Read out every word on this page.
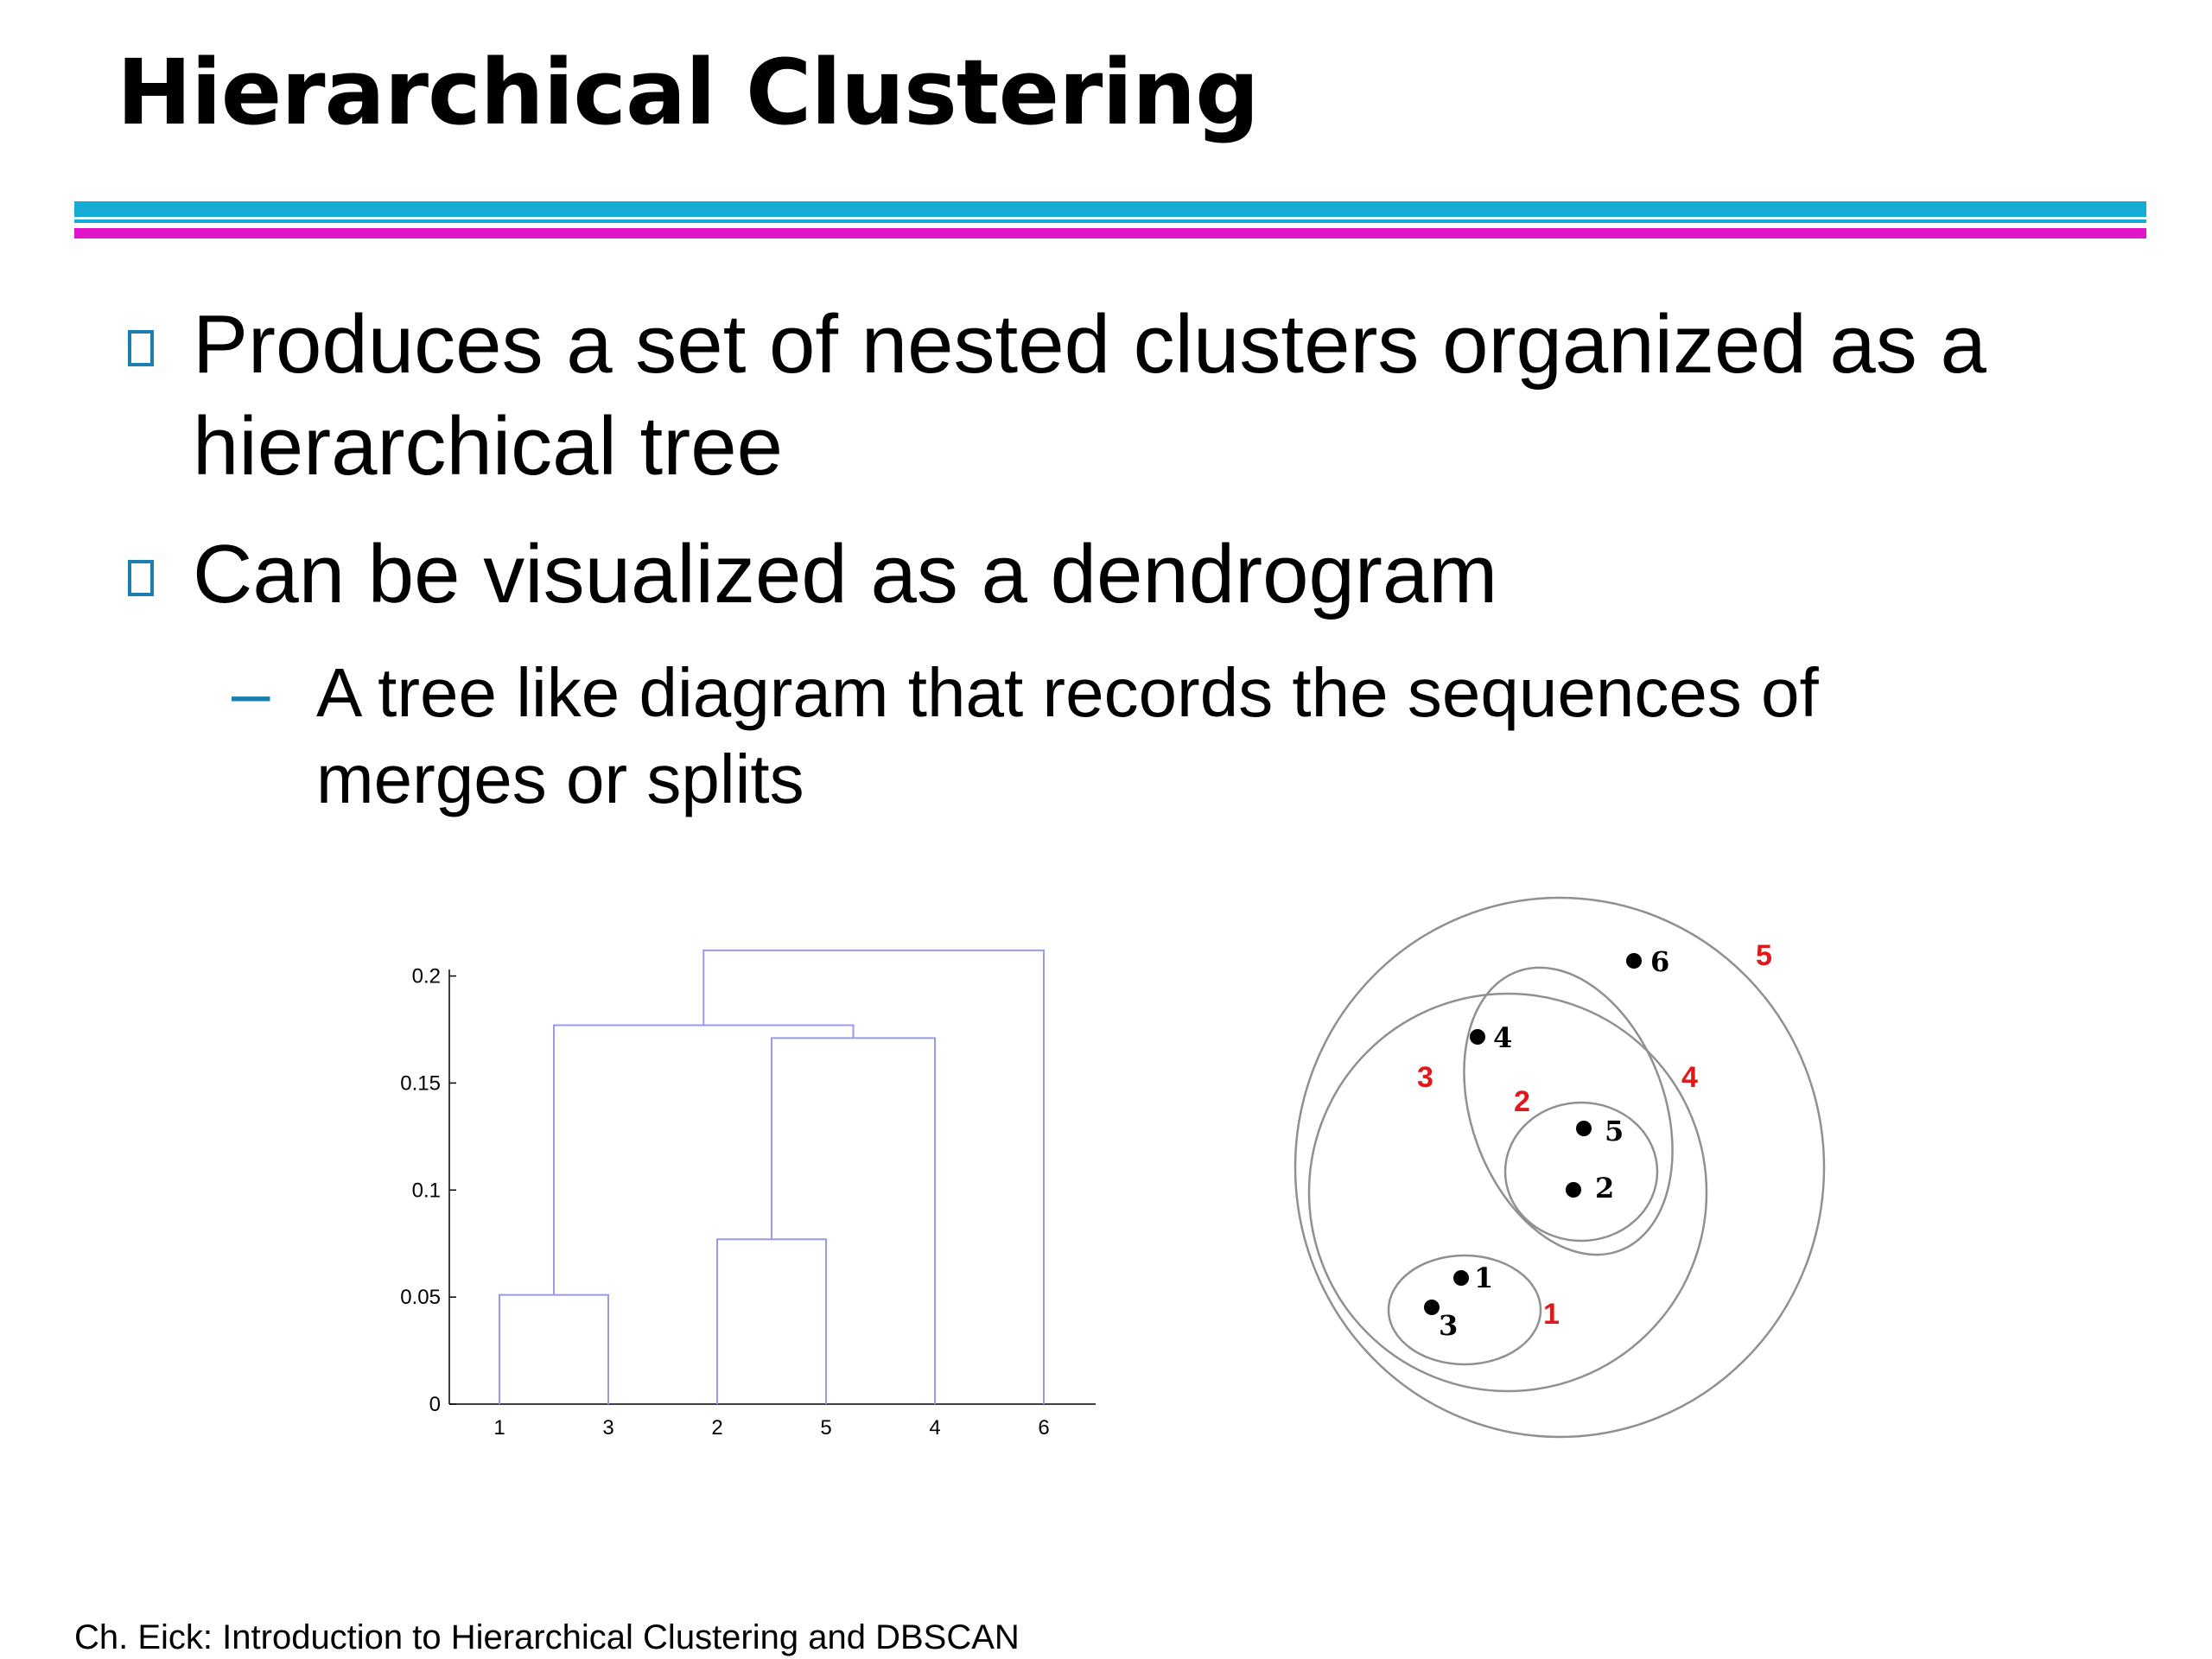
Hierarchical Clustering
Produces a set of nested clusters organized as a
hierarchical tree
Can be visualized as a dendrogram
– A tree like diagram that records the sequences of
merges or splits
0
0.05
0.1
0.15
0.2
1	3	2	5	4	6
6
4
5
2
1
3
5
3	4
2
1
Ch. Eick: Introduction to Hierarchical Clustering and DBSCAN
